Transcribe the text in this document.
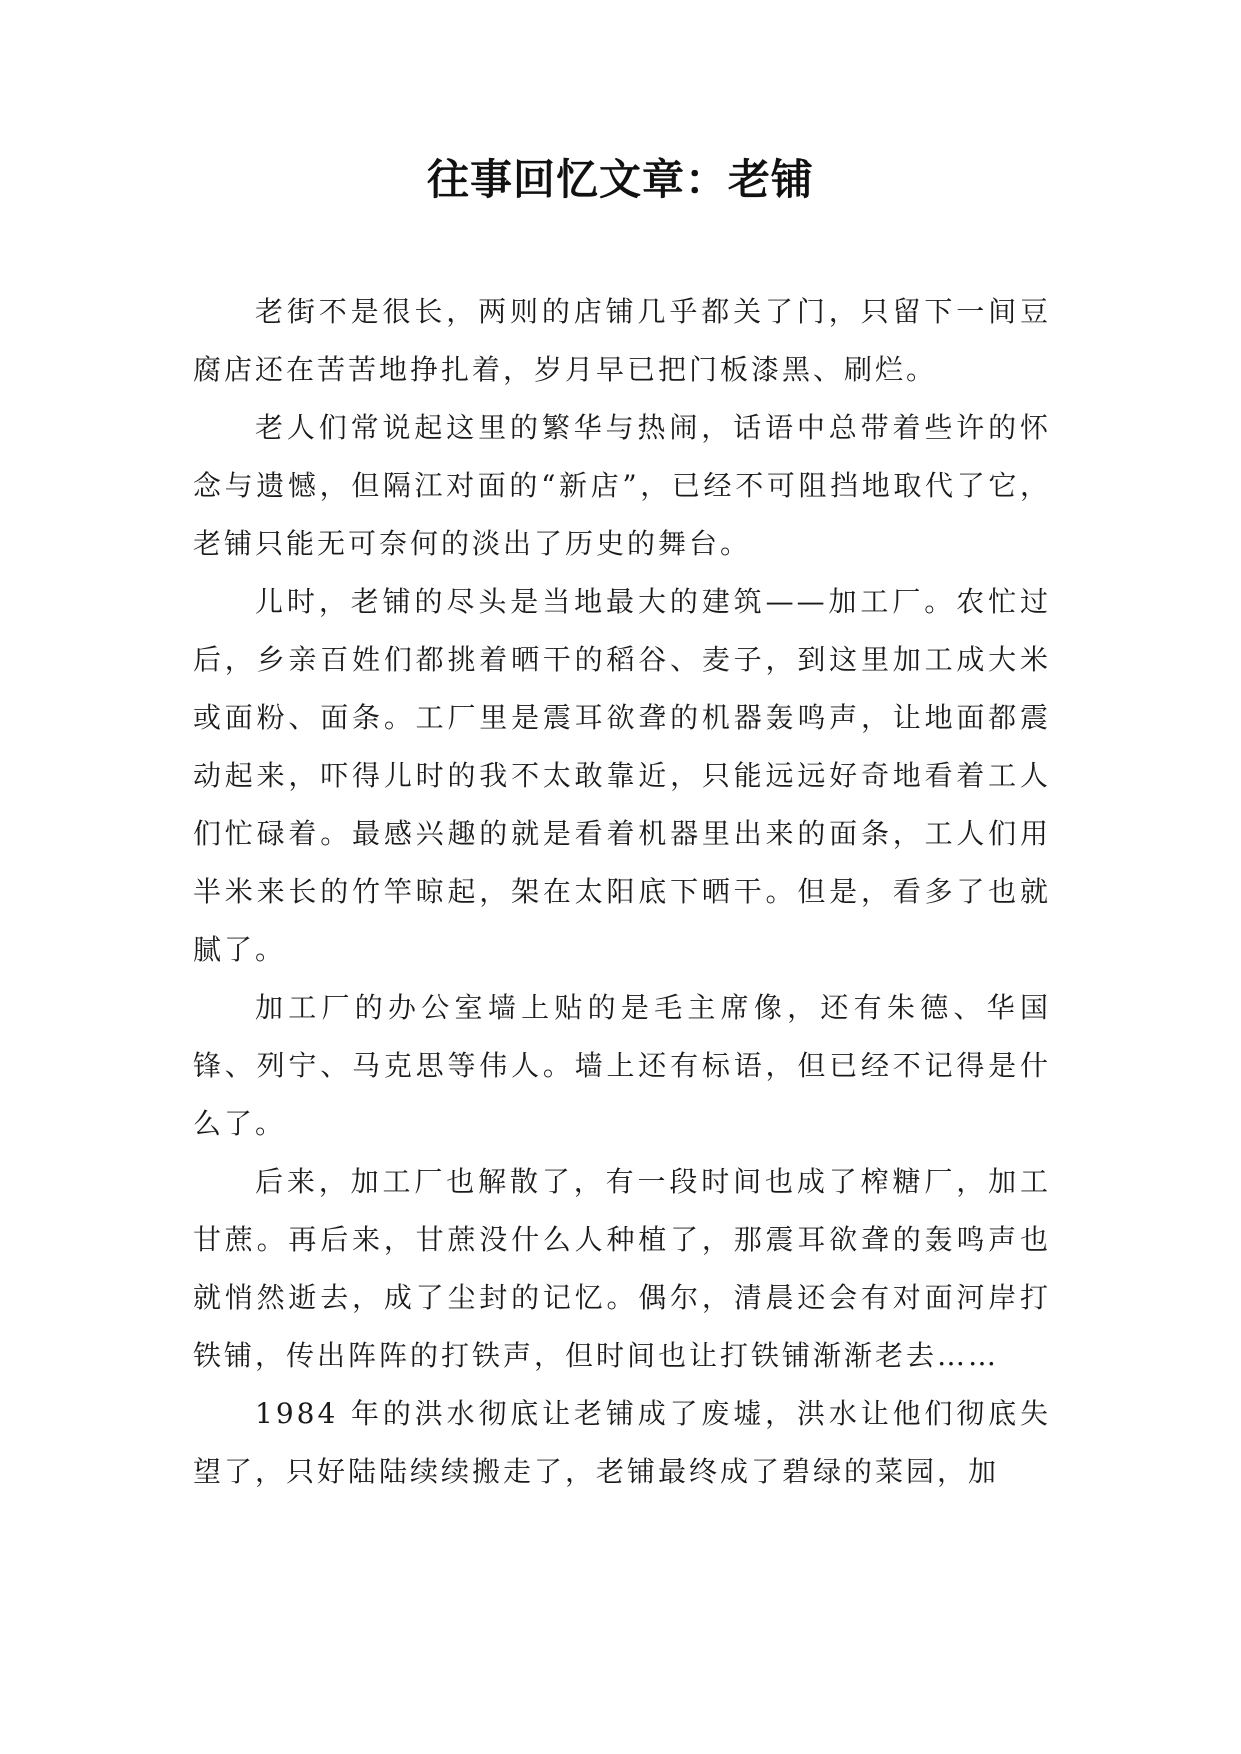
往事回忆文章：老铺

老街不是很长，两则的店铺几乎都关了门，只留下一间豆腐店还在苦苦地挣扎着，岁月早已把门板漆黑、刷烂。

老人们常说起这里的繁华与热闹，话语中总带着些许的怀念与遗憾，但隔江对面的“新店”，已经不可阻挡地取代了它，老铺只能无可奈何的淡出了历史的舞台。

儿时，老铺的尽头是当地最大的建筑——加工厂。农忙过后，乡亲百姓们都挑着晒干的稻谷、麦子，到这里加工成大米或面粉、面条。工厂里是震耳欲聋的机器轰鸣声，让地面都震动起来，吓得儿时的我不太敢靠近，只能远远好奇地看着工人们忙碌着。最感兴趣的就是看着机器里出来的面条，工人们用半米来长的竹竿晾起，架在太阳底下晒干。但是，看多了也就腻了。

加工厂的办公室墙上贴的是毛主席像，还有朱德、华国锋、列宁、马克思等伟人。墙上还有标语，但已经不记得是什么了。

后来，加工厂也解散了，有一段时间也成了榨糖厂，加工甘蔗。再后来，甘蔗没什么人种植了，那震耳欲聋的轰鸣声也就悄然逝去，成了尘封的记忆。偶尔，清晨还会有对面河岸打铁铺，传出阵阵的打铁声，但时间也让打铁铺渐渐老去……

1984 年的洪水彻底让老铺成了废墟，洪水让他们彻底失望了，只好陆陆续续搬走了，老铺最终成了碧绿的菜园，加
